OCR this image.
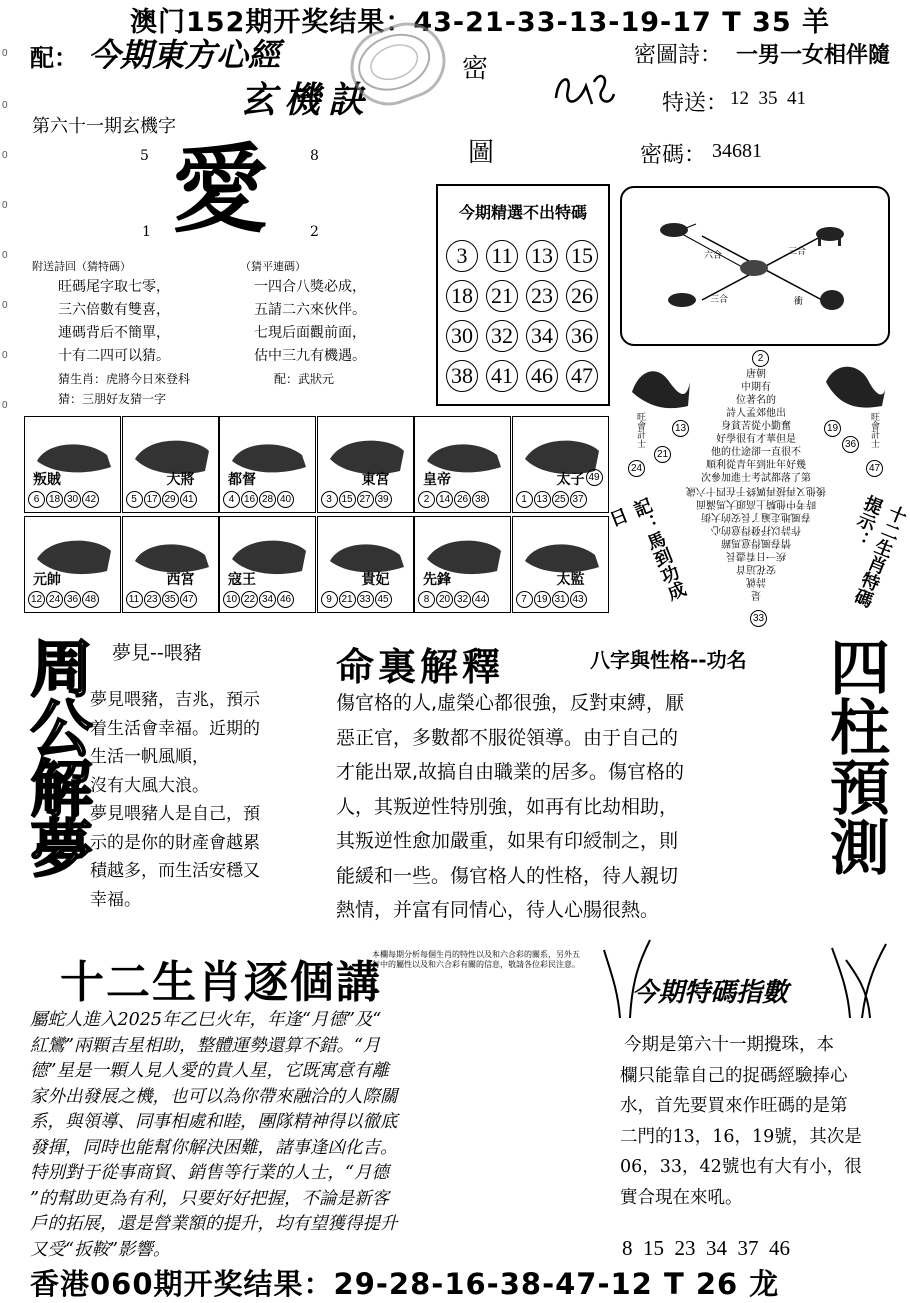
0
0
0
0
0
0
0
0
澳门152期开奖结果：43-21-33-13-19-17 T 35 羊
配： 今期東方心經
玄機訣
密
圖
密圖詩： 一男一女相伴隨
特送： 12  35  41
密碼： 34681
第六十一期玄機字
5	8
愛
1	2
附送詩回（猜特碼）	（猜平連碼）
旺碼尾字取七零，
三六倍數有雙喜，
連碼背后不簡單，
十有二四可以猜。
一四合八獎必成，
五請二六來伙伴。
七現后面觀前面，
估中三九有機遇。
猜生肖：虎將今日來登科
猜：三朋好友猜一字
配：武狀元
今期精選不出特碼
3	11 13 15
18 21 23 26
30 32 34 36
38 41 46 47
六合	三合
三合	衝
叛賊
6 18 30 42
大將
5 17 29 41
都督
4 16 28 40
東宮
3 15 27 39
皇帝
2 14 26 38
太子
1 13 25 37
49
元帥
12 24 36 48
西宮
11 23 35 47
寇王
10 22 34 46
貴妃
9 21 33 45
先鋒
8 20 32 44
太監
7 19 31 43
2
唐朝
中期有
位著名的
詩人孟郊他出
身貧苦從小勤奮
好學很有才華但是
他的仕途卻一直很不
順利從青年到壯年好幾
次參加進士考試都落了第
是
詩就
安花這首
疾一日看盡長
情春風得意馬蹄
作詩以抒發得意的心
春風地走遍了長安的大街
時考中他騎上高頭大馬滿面
後他又再接再厲終于在四十六歲
旺會計士	旺會計士
13	19
21
36
24	47
33
記：馬到功成日	十二生肖特碼提示：
周公解夢 夢見--喂豬
夢見喂豬，吉兆，預示
着生活會幸福。近期的
生活一帆風順，
沒有大風大浪。
夢見喂豬人是自己，預
示的是你的財產會越累
積越多，而生活安穩又
幸福。
命裏解釋	八字與性格--功名
傷官格的人,虛榮心都很強，反對束縛，厭
惡正官，多數都不服從領導。由于自己的
才能出眾,故搞自由職業的居多。傷官格的
人，其叛逆性特別強，如再有比劫相助，
其叛逆性愈加嚴重，如果有印綬制之，則
能緩和一些。傷官格人的性格，待人親切
熱情，并富有同情心，待人心腸很熱。
四柱預測
十二生肖逐個講
本欄每期分析每個生肖的特性以及和六合彩的關系，另外五行中的屬性以及和六合彩有關的信息，敬請各位彩民注意。
屬蛇人進入2025年乙巳火年，年逢“月德”及“
紅鸞”兩顆吉星相助，整體運勢還算不錯。“月
德”星是一顆人見人愛的貴人星，它既寓意有離
家外出發展之機，也可以為你帶來融洽的人際關
系，與領導、同事相處和睦，團隊精神得以徹底
發揮，同時也能幫你解決困難，諸事逢凶化吉。
特別對于從事商貿、銷售等行業的人士，“月德
”的幫助更為有利，只要好好把握，不論是新客
戶的拓展，還是營業額的提升，均有望獲得提升
又受“扳鞍”影響。
今期特碼指數
今期是第六十一期攪珠，本
欄只能靠自己的捉碼經驗捧心
水，首先要買來作旺碼的是第
二門的13，16，19號，其次是
06，33，42號也有大有小，很
實合現在來吼。
8  15  23  34  37  46
香港060期开奖结果：29-28-16-38-47-12 T 26 龙
